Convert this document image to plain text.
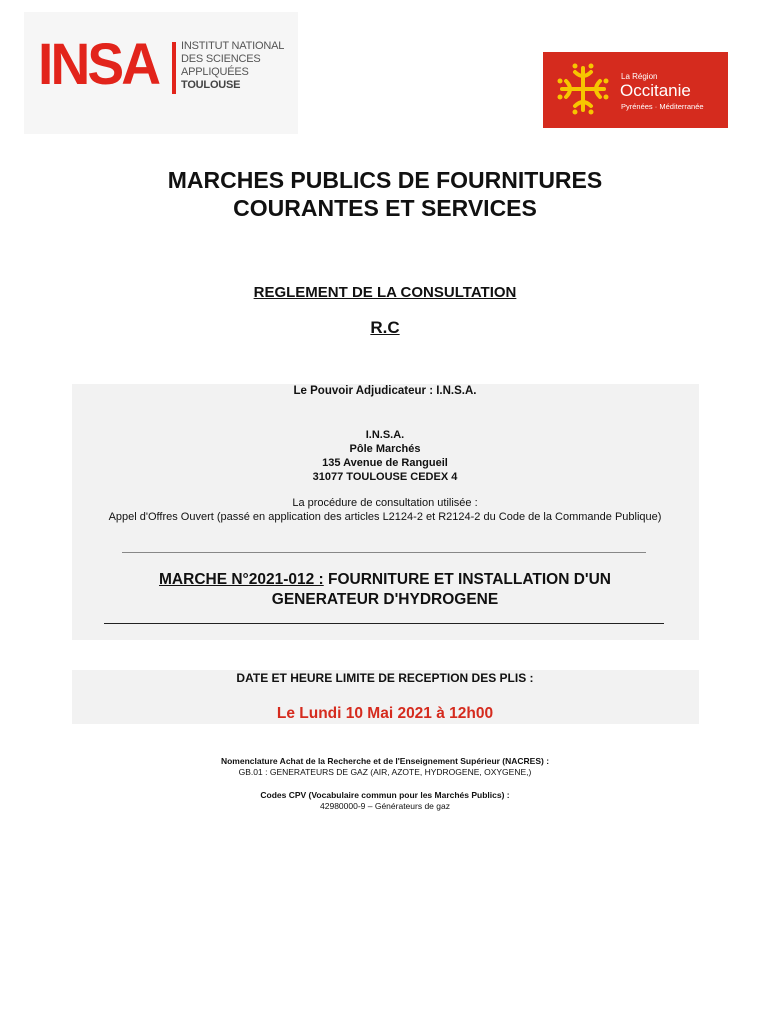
INSA INSTITUT NATIONAL
DES SCIENCES
APPLIQUÉES
TOULOUSE
La Région
Occitanie
Pyrénées · Méditerranée
MARCHES PUBLICS DE FOURNITURES
COURANTES ET SERVICES
REGLEMENT DE LA CONSULTATION
R.C
Le Pouvoir Adjudicateur : I.N.S.A.
I.N.S.A.
Pôle Marchés
135 Avenue de Rangueil
31077 TOULOUSE CEDEX 4
La procédure de consultation utilisée :
Appel d'Offres Ouvert (passé en application des articles L2124-2 et R2124-2 du Code de la Commande Publique)
MARCHE N°2021-012 : FOURNITURE ET INSTALLATION D'UN
GENERATEUR D'HYDROGENE
DATE ET HEURE LIMITE DE RECEPTION DES PLIS :
Le Lundi 10 Mai 2021 à 12h00
Nomenclature Achat de la Recherche et de l'Enseignement Supérieur (NACRES) :
GB.01 : GENERATEURS DE GAZ (AIR, AZOTE, HYDROGENE, OXYGENE,)
Codes CPV (Vocabulaire commun pour les Marchés Publics) :
42980000-9 – Générateurs de gaz
